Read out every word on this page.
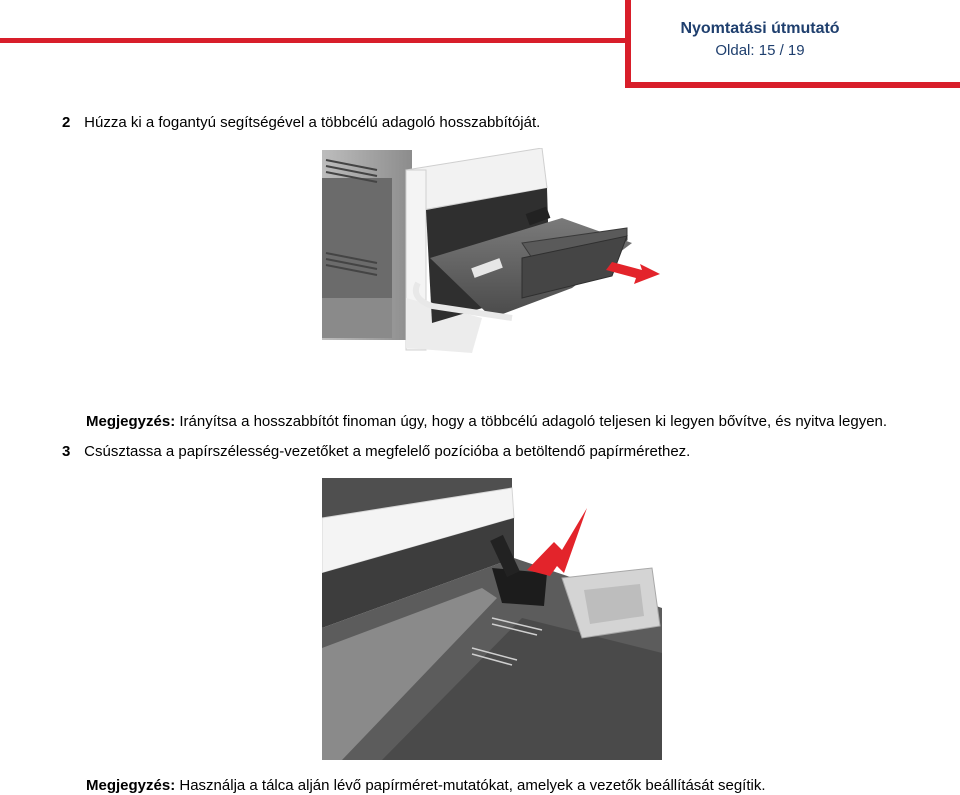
Nyomtatási útmutató
Oldal: 15 / 19
2 Húzza ki a fogantyú segítségével a többcélú adagoló hosszabbítóját.
Megjegyzés: Irányítsa a hosszabbítót finoman úgy, hogy a többcélú adagoló teljesen ki legyen bővítve, és nyitva legyen.
3 Csúsztassa a papírszélesség-vezetőket a megfelelő pozícióba a betöltendő papírmérethez.
Megjegyzés: Használja a tálca alján lévő papírméret-mutatókat, amelyek a vezetők beállítását segítik.
